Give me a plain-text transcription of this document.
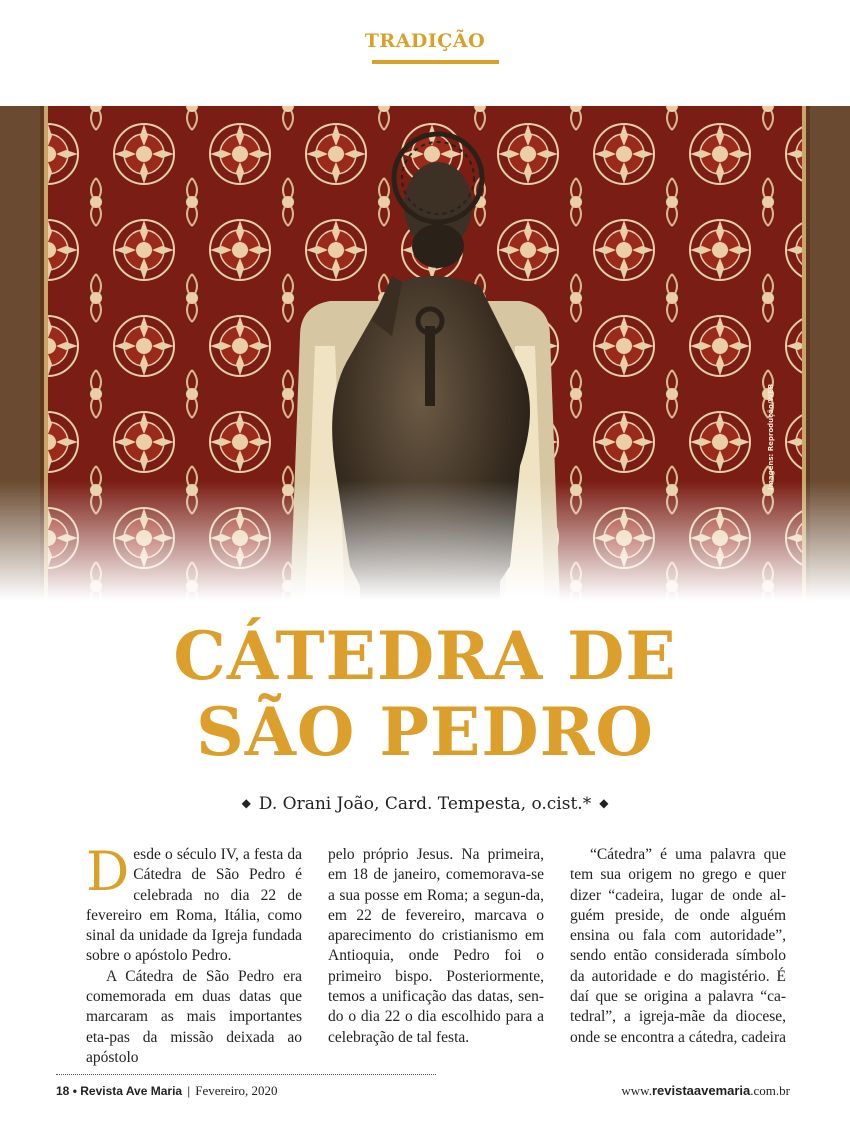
TRADIÇÃO
Imagens: Reprodução/WEB
CÁTEDRA DE
SÃO PEDRO
◆ D. Orani João, Card. Tempesta, o.cist.* ◆

Desde o século IV, a festa da Cátedra de São Pedro é celebrada no dia 22 de fevereiro em Roma, Itália, como sinal da unidade da Igreja fundada sobre o apóstolo Pedro.

A Cátedra de São Pedro era comemorada em duas datas que marcaram as mais importantes eta-pas da missão deixada ao apóstolo

pelo próprio Jesus. Na primeira, em 18 de janeiro, comemorava-se a sua posse em Roma; a segun-da, em 22 de fevereiro, marcava o aparecimento do cristianismo em Antioquia, onde Pedro foi o primeiro bispo. Posteriormente, temos a unificação das datas, sen-do o dia 22 o dia escolhido para a celebração de tal festa.

“Cátedra” é uma palavra que tem sua origem no grego e quer dizer “cadeira, lugar de onde al-guém preside, de onde alguém ensina ou fala com autoridade”, sendo então considerada símbolo da autoridade e do magistério. É daí que se origina a palavra “ca-tedral”, a igreja-mãe da diocese, onde se encontra a cátedra, cadeira

18 • Revista Ave Maria | Fevereiro, 2020	www.revistaavemaria.com.br
